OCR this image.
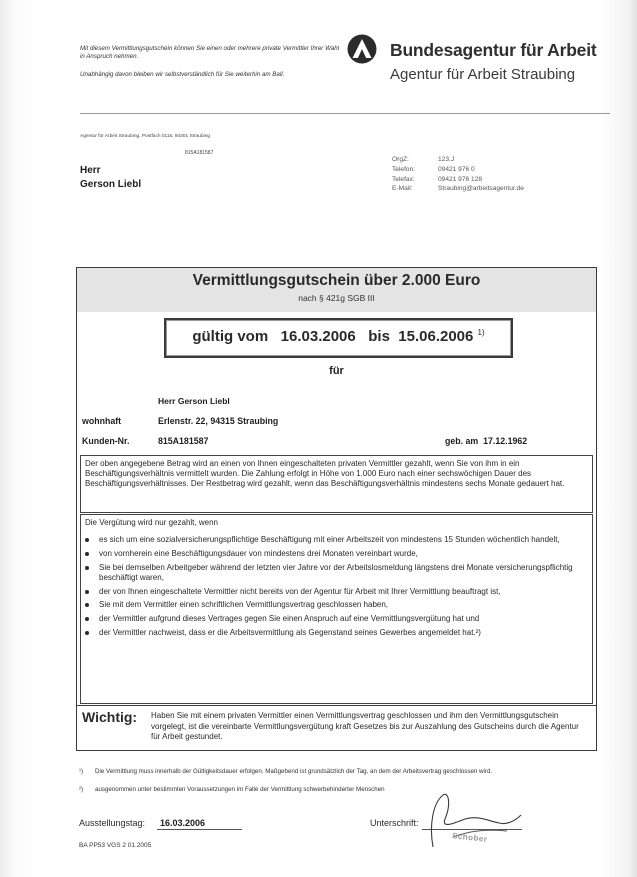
Mit diesem Vermittlungsgutschein können Sie einen oder mehrere private Vermittler Ihrer Wahl in Anspruch nehmen.
Unabhängig davon bleiben wir selbstverständlich für Sie weiterhin am Ball.
Bundesagentur für Arbeit
Agentur für Arbeit Straubing
Agentur für Arbeit Straubing, Postfach 0116, 94301 Straubing
815A181587
Herr
Gerson Liebl
OrgZ:	123.J
Telefon:	09421 976 0
Telefax:	09421 976 128
E-Mail:	Straubing@arbeitsagentur.de
Vermittlungsgutschein über 2.000 Euro
nach § 421g SGB III
gültig vom 16.03.2006 bis 15.06.2006 $^{1)}$
für
Herr Gerson Liebl
wohnhaft	Erlenstr. 22, 94315 Straubing
Kunden-Nr.	815A181587	geb. am 17.12.1962
Der oben angegebene Betrag wird an einen von Ihnen eingeschalteten privaten Vermittler gezahlt, wenn Sie von ihm in ein Beschäftigungsverhältnis vermittelt wurden. Die Zahlung erfolgt in Höhe von 1.000 Euro nach einer sechswöchigen Dauer des Beschäftigungsverhältnisses. Der Restbetrag wird gezahlt, wenn das Beschäftigungsverhältnis mindestens sechs Monate gedauert hat.
Die Vergütung wird nur gezahlt, wenn
es sich um eine sozialversicherungspflichtige Beschäftigung mit einer Arbeitszeit von mindestens 15 Stunden wöchentlich handelt,
von vornherein eine Beschäftigungsdauer von mindestens drei Monaten vereinbart wurde,
Sie bei demselben Arbeitgeber während der letzten vier Jahre vor der Arbeitslosmeldung längstens drei Monate versicherungspflichtig beschäftigt waren,
der von Ihnen eingeschaltete Vermittler nicht bereits von der Agentur für Arbeit mit Ihrer Vermittlung beauftragt ist,
Sie mit dem Vermittler einen schriftlichen Vermittlungsvertrag geschlossen haben,
der Vermittler aufgrund dieses Vertrages gegen Sie einen Anspruch auf eine Vermittlungsvergütung hat und
der Vermittler nachweist, dass er die Arbeitsvermittlung als Gegenstand seines Gewerbes angemeldet hat.²)
Wichtig: Haben Sie mit einem privaten Vermittler einen Vermittlungsvertrag geschlossen und ihm den Vermittlungsgutschein vorgelegt, ist die vereinbarte Vermittlungsvergütung kraft Gesetzes bis zur Auszahlung des Gutscheins durch die Agentur für Arbeit gestundet.
¹) Die Vermittlung muss innerhalb der Gültigkeitsdauer erfolgen. Maßgebend ist grundsätzlich der Tag, an dem der Arbeitsvertrag geschlossen wird.
²) ausgenommen unter bestimmten Voraussetzungen im Falle der Vermittlung schwerbehinderter Menschen
Ausstellungstag: 16.03.2006	Unterschrift:
Schober
BA PP53 VGS 2 01.2005
